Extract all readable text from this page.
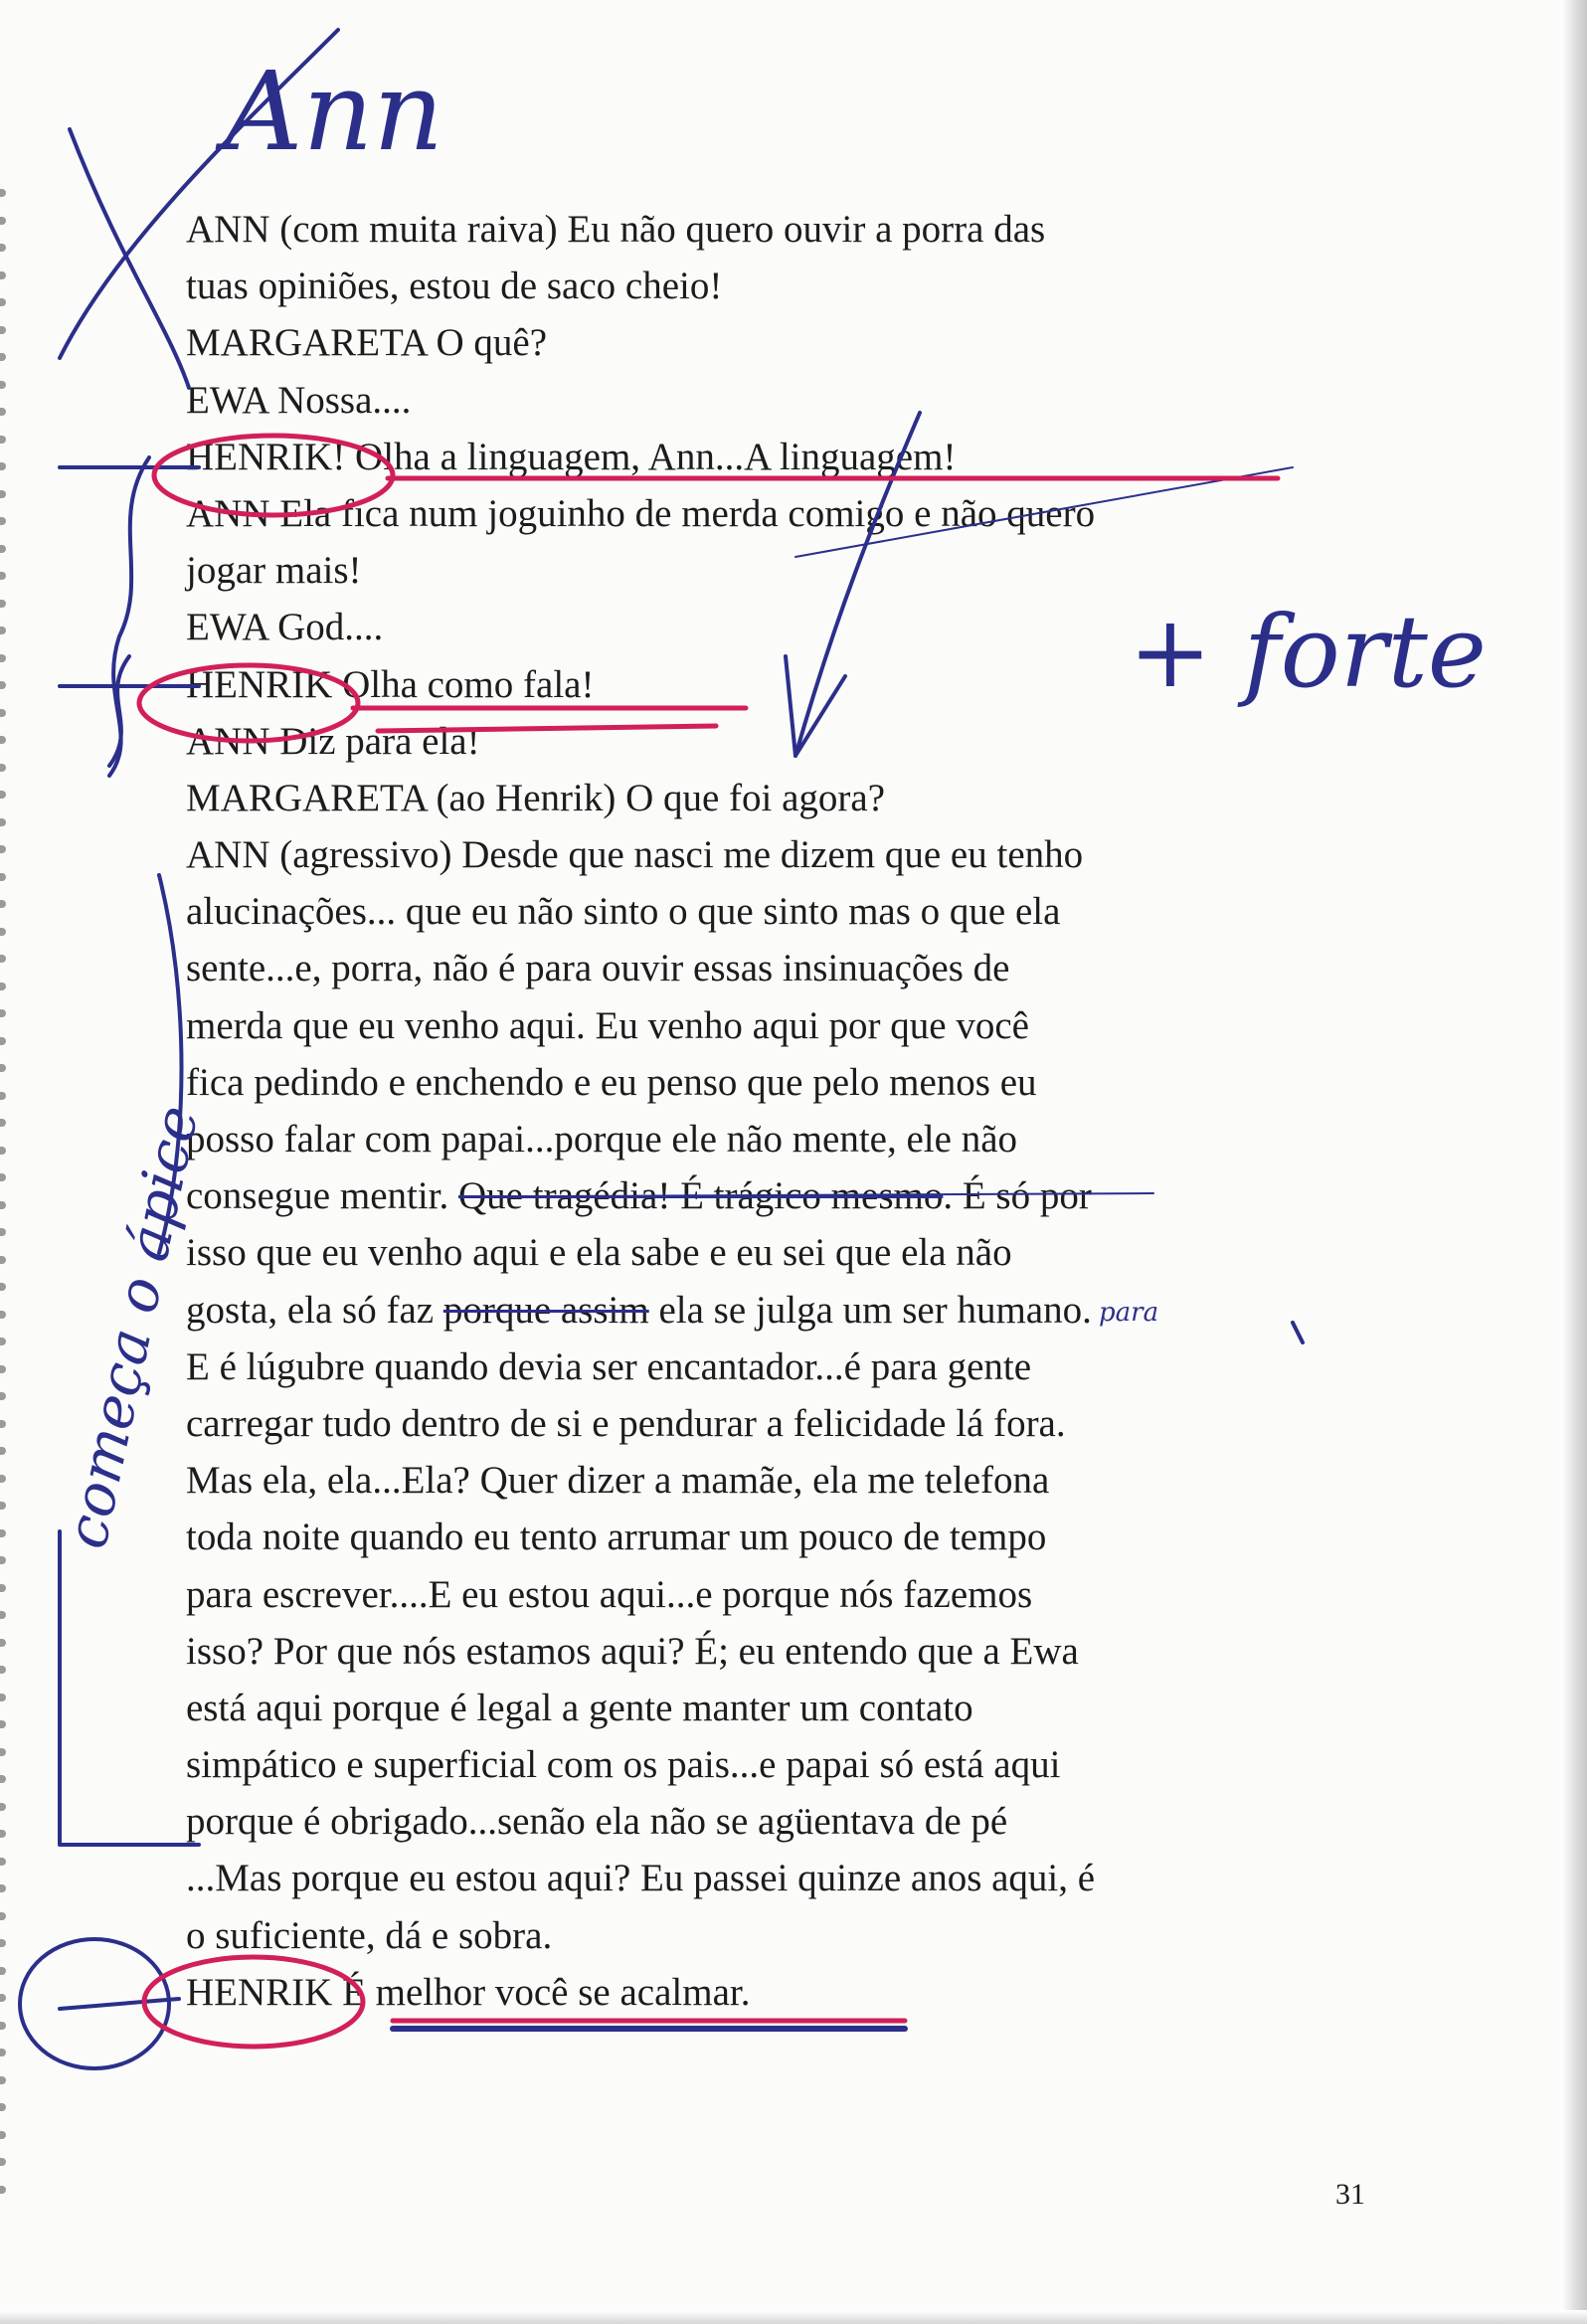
ANN (com muita raiva) Eu não quero ouvir a porra das
tuas opiniões, estou de saco cheio!
MARGARETA O quê?
EWA Nossa....
HENRIK! Olha a linguagem, Ann...A linguagem!
ANN Ela fica num joguinho de merda comigo e não quero
jogar mais!
EWA God....
HENRIK Olha como fala!
ANN Diz para ela!
MARGARETA (ao Henrik) O que foi agora?
ANN (agressivo) Desde que nasci me dizem que eu tenho
alucinações... que eu não sinto o que sinto mas o que ela
sente...e, porra, não é para ouvir essas insinuações de
merda que eu venho aqui. Eu venho aqui por que você
fica pedindo e enchendo e eu penso que pelo menos eu
posso falar com papai...porque ele não mente, ele não
consegue mentir. Que tragédia! É trágico mesmo. É só por
isso que eu venho aqui e ela sabe e eu sei que ela não
gosta, ela só faz porque assim ela se julga um ser humano.
E é lúgubre quando devia ser encantador...é para gente
carregar tudo dentro de si e pendurar a felicidade lá fora.
Mas ela, ela...Ela? Quer dizer a mamãe, ela me telefona
toda noite quando eu tento arrumar um pouco de tempo
para escrever....E eu estou aqui...e porque nós fazemos
isso? Por que nós estamos aqui? É; eu entendo que a Ewa
está aqui porque é legal a gente manter um contato
simpático e superficial com os pais...e papai só está aqui
porque é obrigado...senão ela não se agüentava de pé
...Mas porque eu estou aqui? Eu passei quinze anos aqui, é
o suficiente, dá e sobra.
HENRIK É melhor você se acalmar.
31
Ann
+ forte
para
começa o ápice
